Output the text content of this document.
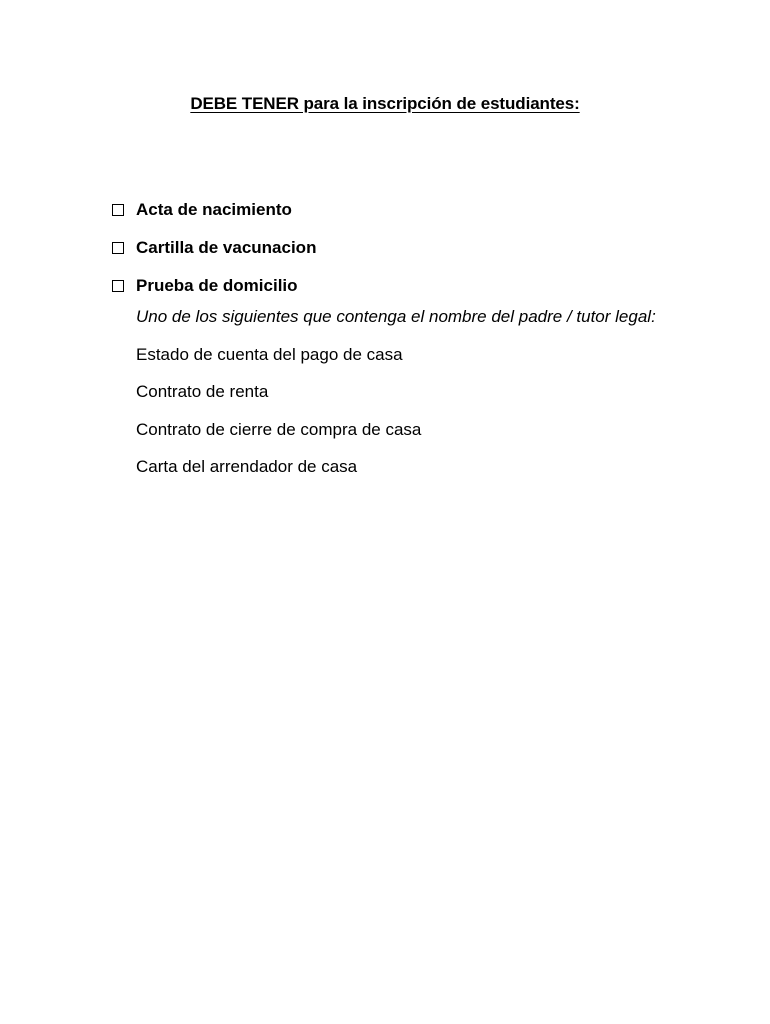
DEBE TENER para la inscripción de estudiantes:
Acta de nacimiento
Cartilla de vacunacion
Prueba de domicilio
Uno de los siguientes que contenga el nombre del padre / tutor legal:
Estado de cuenta del pago de casa
Contrato de renta
Contrato de cierre de compra de casa
Carta del arrendador de casa
